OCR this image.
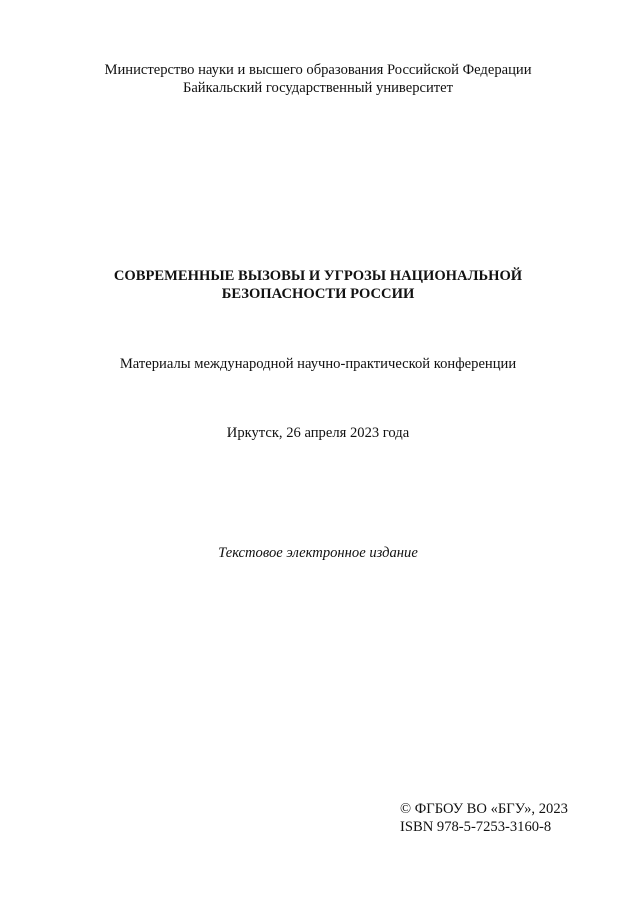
Министерство науки и высшего образования Российской Федерации
Байкальский государственный университет
СОВРЕМЕННЫЕ ВЫЗОВЫ И УГРОЗЫ НАЦИОНАЛЬНОЙ
БЕЗОПАСНОСТИ РОССИИ
Материалы международной научно-практической конференции
Иркутск, 26 апреля 2023 года
Текстовое электронное издание
© ФГБОУ ВО «БГУ», 2023
ISBN 978-5-7253-3160-8
